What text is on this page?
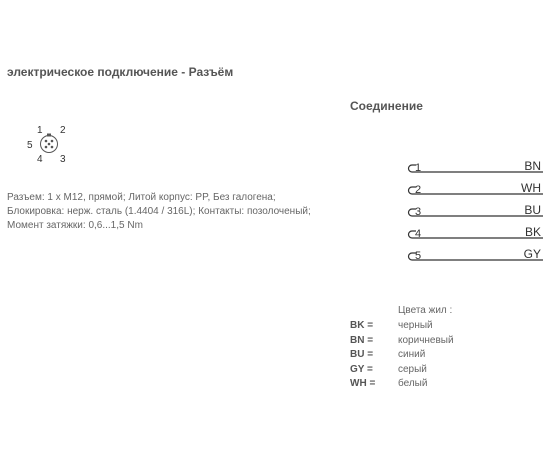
электрическое подключение - Разъём
Соединение
1 2
3
4
5
Разъем: 1 x M12, прямой; Литой корпус: PP, Без галогена; Блокировка: нерж. сталь (1.4404 / 316L); Контакты: позолоченый; Момент затяжки: 0,6...1,5 Nm
1	BN
2	WH
3	BU
4	BK
5	GY
Цвета жил :
BK =	черный
BN =	коричневый
BU =	синий
GY =	серый
WH =	белый
